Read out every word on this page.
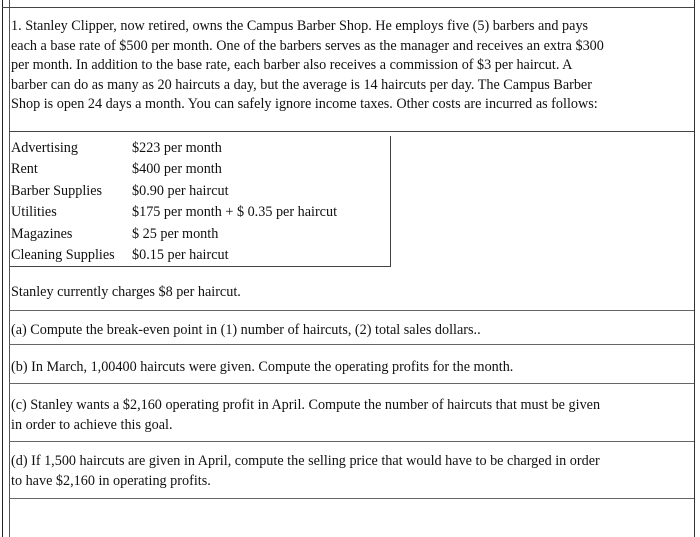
1. Stanley Clipper, now retired, owns the Campus Barber Shop. He employs five (5) barbers and pays
each a base rate of $500 per month. One of the barbers serves as the manager and receives an extra $300
per month. In addition to the base rate, each barber also receives a commission of $3 per haircut. A
barber can do as many as 20 haircuts a day, but the average is 14 haircuts per day. The Campus Barber
Shop is open 24 days a month. You can safely ignore income taxes. Other costs are incurred as follows:
Advertising	$223 per month
Rent	$400 per month
Barber Supplies $0.90 per haircut
Utilities	$175 per month + $ 0.35 per haircut
Magazines	$ 25 per month
Cleaning Supplies $0.15 per haircut
Stanley currently charges $8 per haircut.
(a) Compute the break-even point in (1) number of haircuts, (2) total sales dollars..
(b) In March, 1,00400 haircuts were given. Compute the operating profits for the month.
(c) Stanley wants a $2,160 operating profit in April. Compute the number of haircuts that must be given
in order to achieve this goal.
(d) If 1,500 haircuts are given in April, compute the selling price that would have to be charged in order
to have $2,160 in operating profits.
